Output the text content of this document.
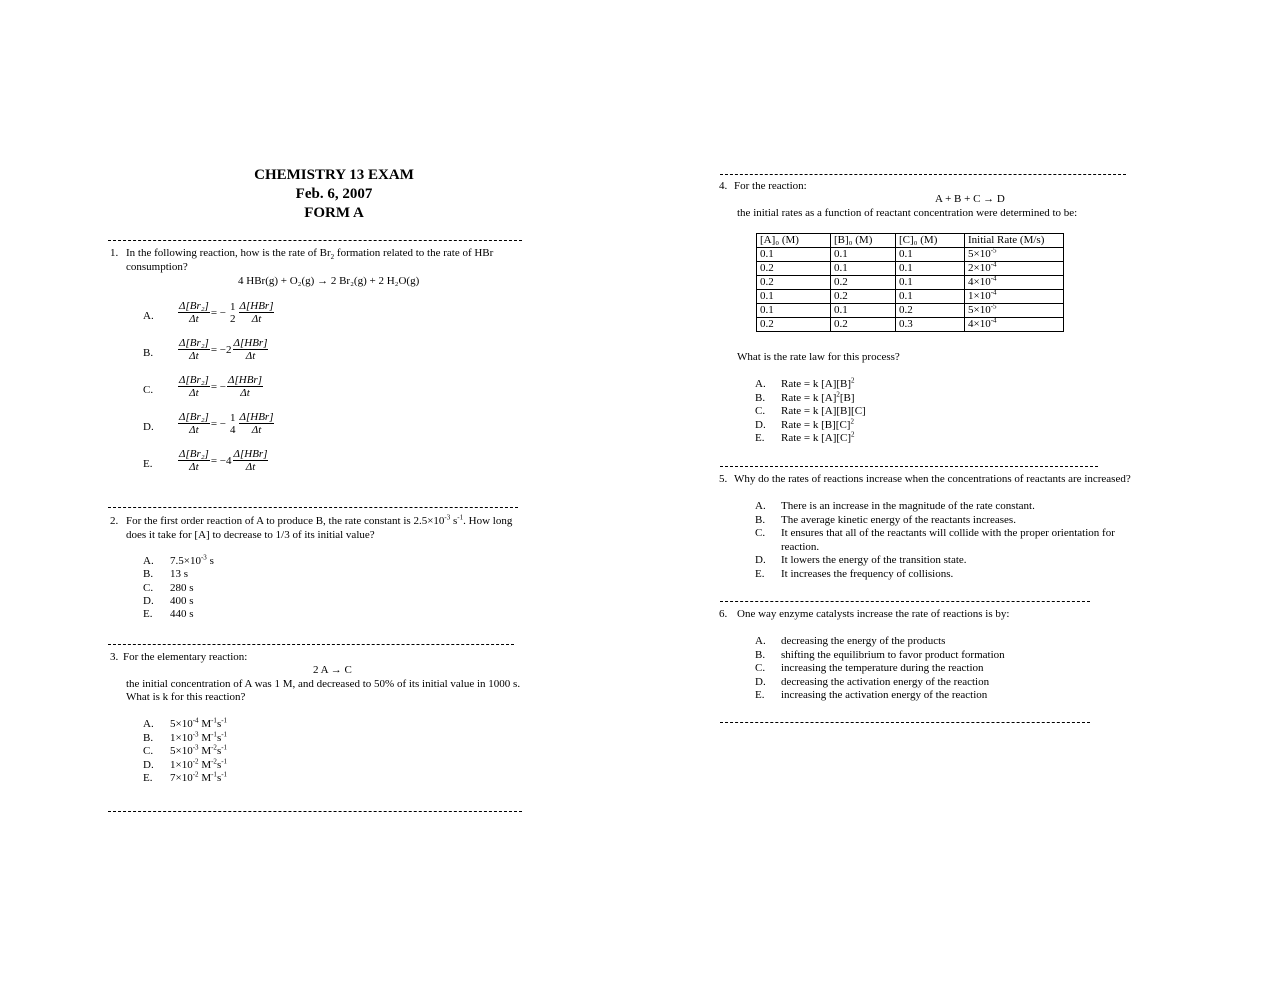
CHEMISTRY 13 EXAM
Feb. 6, 2007
FORM A
1. In the following reaction, how is the rate of $Br_2$ formation related to the rate of HBr
consumption?
4 HBr(g) + O₂(g) → 2 Br₂(g) + 2 H₂O(g)
A. $\frac{\text{Δ[Br₂]}}{\Delta t}$ = −
1
$2 \frac{\text{Δ[HBr]}}{\Delta t}$
B. $\frac{\text{Δ[Br₂]}}{\Delta t} = -2 \frac{\text{Δ[HBr]}}{\Delta t}$
C. $\frac{\text{Δ[Br₂]}}{\Delta t}$ = − $\frac{\text{Δ[HBr]}}{\Delta t}$
D. $\frac{\text{Δ[Br₂]}}{\Delta t}$ = −
1
$4 \frac{\text{Δ[HBr]}}{\Delta t}$
E. $\frac{\text{Δ[Br₂]}}{\Delta t} = -4 \frac{\text{Δ[HBr]}}{\Delta t}$
2. For the first order reaction of A to produce B, the rate constant is $2.5\times 10^{-3}$ $s^{-1}$. How long
does it take for [A] to decrease to 1/3 of its initial value?
A. $7.5\times 10^{-3}$ s
B. 13 s
C. 280 s
D. 400 s
E. 440 s
3. For the elementary reaction:
2 A → C
the initial concentration of A was 1 M, and decreased to 50% of its initial value in 1000 s.
What is k for this reaction?
A. $5\times 10^{-4}$ $M^{-1}s^{-1}$
B. $1\times 10^{-3}$ $M^{-1}s^{-1}$
C. $5\times 10^{-3}$ $M^{-2}s^{-1}$
D. $1\times 10^{-2}$ $M^{-2}s^{-1}$
E. $7\times 10^{-2}$ $M^{-1}s^{-1}$
4. For the reaction:
A + B + C → D
the initial rates as a function of reactant concentration were determined to be:
[A]₀ (M)	[B]₀ (M)	[C]₀ (M)	Initial Rate (M/s)
0.1	0.1	0.1	$5\times 10^{-5}$
0.2	0.1	0.1	$2\times 10^{-4}$
0.2	0.2	0.1	$4\times 10^{-4}$
0.1	0.2	0.1	$1\times 10^{-4}$
0.1	0.1	0.2	$5\times 10^{-5}$
0.2	0.2	0.3	$4\times 10^{-4}$
What is the rate law for this process?
A. Rate = k $[A][B]^2$
B. Rate = k $[A]^2[B]$
C. Rate = k [A][B][C]
D. Rate = k $[B][C]^2$
E. Rate = k $[A][C]^2$
5. Why do the rates of reactions increase when the concentrations of reactants are increased?
A. There is an increase in the magnitude of the rate constant.
B. The average kinetic energy of the reactants increases.
C. It ensures that all of the reactants will collide with the proper orientation for
reaction.
D. It lowers the energy of the transition state.
E. It increases the frequency of collisions.
6. One way enzyme catalysts increase the rate of reactions is by:
A. decreasing the energy of the products
B. shifting the equilibrium to favor product formation
C. increasing the temperature during the reaction
D. decreasing the activation energy of the reaction
E. increasing the activation energy of the reaction
